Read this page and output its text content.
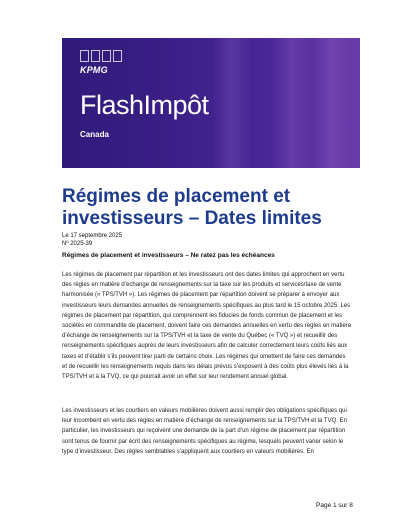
KPMG
FlashImpôt
Canada
Régimes de placement et investisseurs – Dates limites
Le 17 septembre 2025
Nº 2025-39
Régimes de placement et investisseurs – Ne ratez pas les échéances
Les régimes de placement par répartition et les investisseurs ont des dates limites qui approchent en vertu des règles en matière d’échange de renseignements sur la taxe sur les produits et services/taxe de vente harmonisée (« TPS/TVH »). Les régimes de placement par répartition doivent se préparer à envoyer aux investisseurs leurs demandes annuelles de renseignements spécifiques au plus tard le 15 octobre 2025. Les régimes de placement par répartition, qui comprennent les fiducies de fonds commun de placement et les sociétés en commandite de placement, doivent faire ces demandes annuelles en vertu des règles en matière d’échange de renseignements sur la TPS/TVH et la taxe de vente du Québec (« TVQ ») et recueillir des renseignements spécifiques auprès de leurs investisseurs afin de calculer correctement leurs coûts liés aux taxes et d’établir s’ils peuvent tirer parti de certains choix. Les régimes qui omettent de faire ces demandes et de recueillir les renseignements requis dans les délais prévus s’exposent à des coûts plus élevés liés à la TPS/TVH et à la TVQ, ce qui pourrait avoir un effet sur leur rendement annuel global.
Les investisseurs et les courtiers en valeurs mobilières doivent aussi remplir des obligations spécifiques qui leur incombent en vertu des règles en matière d’échange de renseignements sur la TPS/TVH et la TVQ. En particulier, les investisseurs qui reçoivent une demande de la part d’un régime de placement par répartition sont tenus de fournir par écrit des renseignements spécifiques au régime, lesquels peuvent varier selon le type d’investisseur. Des règles semblables s’appliquent aux courtiers en valeurs mobilières. En
Page 1 sur 8
